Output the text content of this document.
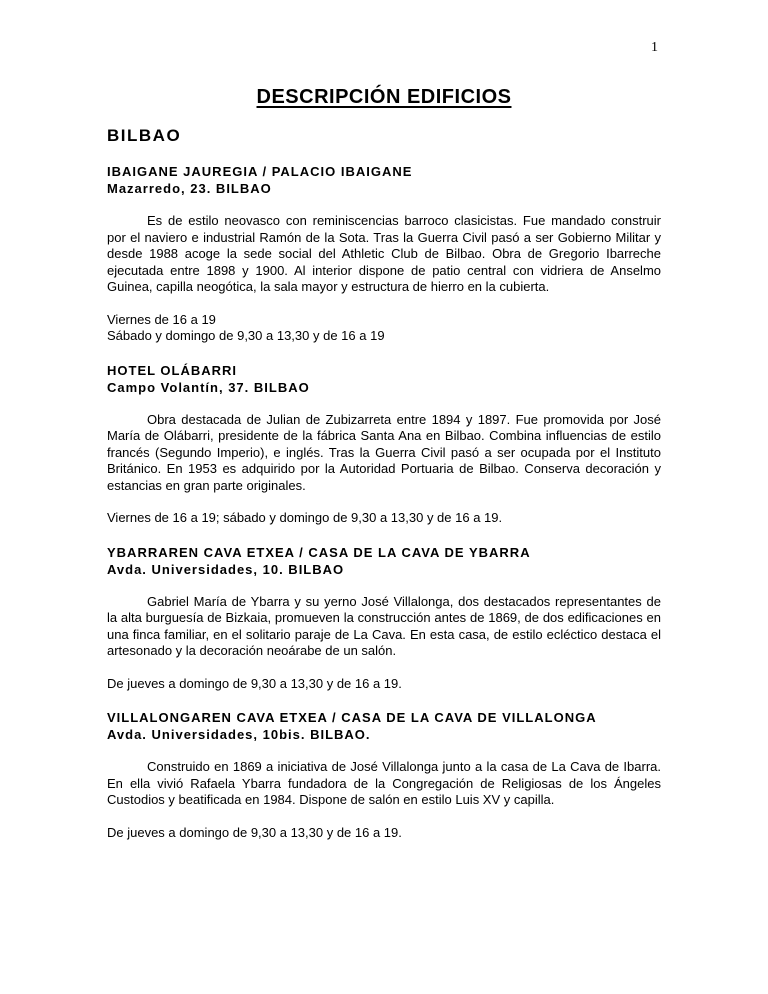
1
DESCRIPCIÓN EDIFICIOS
BILBAO
IBAIGANE JAUREGIA / PALACIO IBAIGANE
Mazarredo, 23. BILBAO
Es de estilo neovasco con reminiscencias barroco clasicistas. Fue mandado construir por el naviero e industrial Ramón de la Sota. Tras la Guerra Civil pasó a ser Gobierno Militar y desde 1988 acoge la sede social del Athletic Club de Bilbao. Obra de Gregorio Ibarreche ejecutada entre 1898 y 1900. Al interior dispone de patio central con vidriera de Anselmo Guinea, capilla neogótica, la sala mayor y estructura de hierro en la cubierta.
Viernes de 16 a 19
Sábado y domingo de 9,30 a 13,30 y de 16 a 19
HOTEL OLÁBARRI
Campo Volantín, 37. BILBAO
Obra destacada de Julian de Zubizarreta entre 1894 y 1897. Fue promovida por José María de Olábarri, presidente de la fábrica Santa Ana en Bilbao. Combina influencias de estilo francés (Segundo Imperio), e inglés. Tras la Guerra Civil pasó a ser ocupada por el Instituto Británico. En 1953 es adquirido por la Autoridad Portuaria de Bilbao. Conserva decoración y estancias en gran parte originales.
Viernes de 16 a 19; sábado y domingo de 9,30 a 13,30 y de 16 a 19.
YBARRAREN CAVA ETXEA / CASA DE LA CAVA DE YBARRA
Avda. Universidades, 10. BILBAO
Gabriel María de Ybarra y su yerno José Villalonga, dos destacados representantes de la alta burguesía de Bizkaia, promueven la construcción antes de 1869, de dos edificaciones en una finca familiar, en el solitario paraje de La Cava. En esta casa, de estilo ecléctico destaca el artesonado y la decoración neoárabe de un salón.
De jueves a domingo de 9,30 a 13,30 y de 16 a 19.
VILLALONGAREN CAVA ETXEA / CASA DE LA CAVA DE VILLALONGA
Avda. Universidades, 10bis. BILBAO.
Construido en 1869 a iniciativa de José Villalonga junto a la casa de La Cava de Ibarra. En ella vivió Rafaela Ybarra fundadora de la Congregación de Religiosas de los Ángeles Custodios y beatificada en 1984. Dispone de salón en estilo Luis XV y capilla.
De jueves a domingo de 9,30 a 13,30 y de 16 a 19.
